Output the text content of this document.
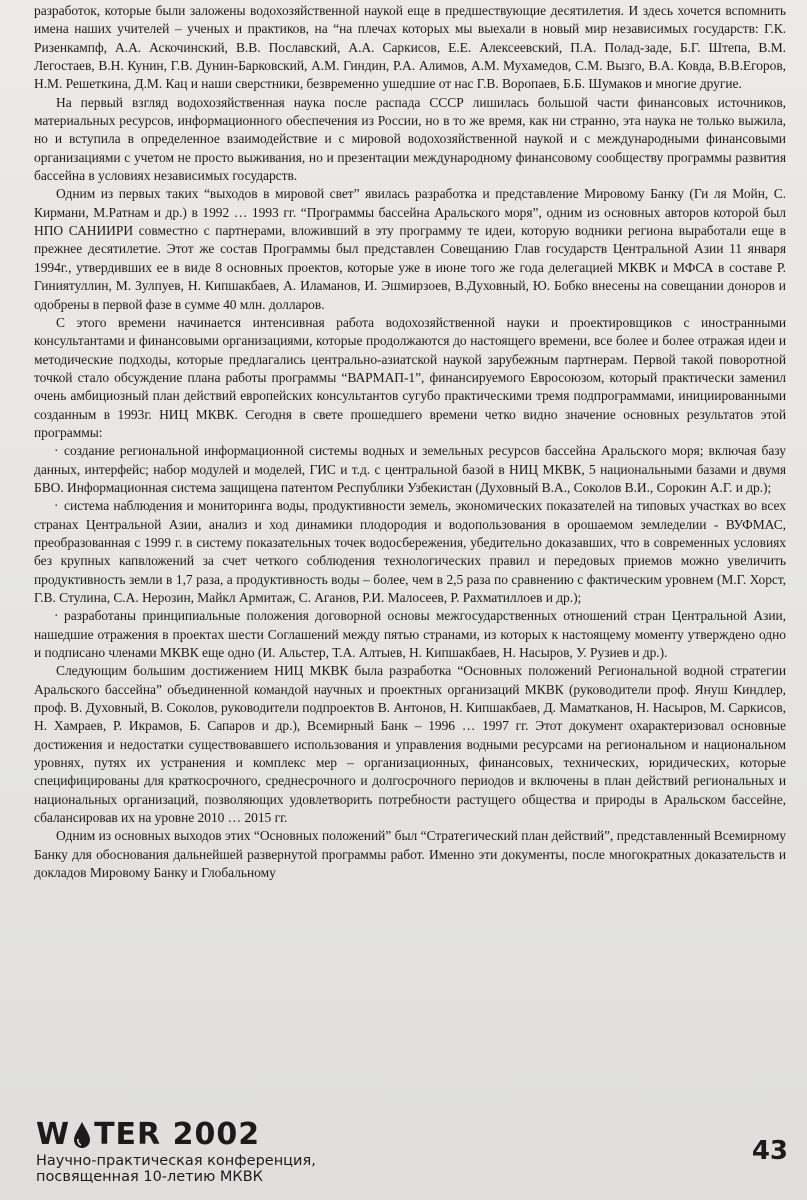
разработок, которые были заложены водохозяйственной наукой еще в предшествующие десятилетия. И здесь хочется вспомнить имена наших учителей – ученых и практиков, на “на плечах которых мы выехали в новый мир независимых государств: Г.К. Ризенкампф, А.А. Аскочинский, В.В. Пославский, А.А. Саркисов, Е.Е. Алексеевский, П.А. Полад-заде, Б.Г. Штепа, В.М. Легостаев, В.Н. Кунин, Г.В. Дунин-Барковский, А.М. Гиндин, Р.А. Алимов, А.М. Мухамедов, С.М. Вызго, В.А. Ковда, В.В.Егоров, Н.М. Решеткина, Д.М. Кац и наши сверстники, безвременно ушедшие от нас Г.В. Воропаев, Б.Б. Шумаков и многие другие.

На первый взгляд водохозяйственная наука после распада СССР лишилась большой части финансовых источников, материальных ресурсов, информационного обеспечения из России, но в то же время, как ни странно, эта наука не только выжила, но и вступила в определенное взаимодействие и с мировой водохозяйственной наукой и с международными финансовыми организациями с учетом не просто выживания, но и презентации международному финансовому сообществу программы развития бассейна в условиях независимых государств.

Одним из первых таких “выходов в мировой свет” явилась разработка и представление Мировому Банку (Ги ля Мойн, С. Кирмани, М.Ратнам и др.) в 1992 … 1993 гг. “Программы бассейна Аральского моря”, одним из основных авторов которой был НПО САНИИРИ совместно с партнерами, вложивший в эту программу те идеи, которую водники региона выработали еще в прежнее десятилетие. Этот же состав Программы был представлен Совещанию Глав государств Центральной Азии 11 января 1994г., утвердивших ее в виде 8 основных проектов, которые уже в июне того же года делегацией МКВК и МФСА в составе Р. Гиниятуллин, М. Зулпуев, Н. Кипшакбаев, А. Иламанов, И. Эшмирзоев, В.Духовный, Ю. Бобко внесены на совещании доноров и одобрены в первой фазе в сумме 40 млн. долларов.

С этого времени начинается интенсивная работа водохозяйственной науки и проектировщиков с иностранными консультантами и финансовыми организациями, которые продолжаются до настоящего времени, все более и более отражая идеи и методические подходы, которые предлагались центрально-азиатской наукой зарубежным партнерам. Первой такой поворотной точкой стало обсуждение плана работы программы “ВАРМАП-1”, финансируемого Евросоюзом, который практически заменил очень амбициозный план действий европейских консультантов сугубо практическими тремя подпрограммами, инициированными созданным в 1993г. НИЦ МКВК. Сегодня в свете прошедшего времени четко видно значение основных результатов этой программы:

· создание региональной информационной системы водных и земельных ресурсов бассейна Аральского моря; включая базу данных, интерфейс; набор модулей и моделей, ГИС и т.д. с центральной базой в НИЦ МКВК, 5 национальными базами и двумя БВО. Информационная система защищена патентом Республики Узбекистан (Духовный В.А., Соколов В.И., Сорокин А.Г. и др.);

· система наблюдения и мониторинга воды, продуктивности земель, экономических показателей на типовых участках во всех странах Центральной Азии, анализ и ход динамики плодородия и водопользования в орошаемом земледелии - ВУФМАС, преобразованная с 1999 г. в систему показательных точек водосбережения, убедительно доказавших, что в современных условиях без крупных капвложений за счет четкого соблюдения технологических правил и передовых приемов можно увеличить продуктивность земли в 1,7 раза, а продуктивность воды – более, чем в 2,5 раза по сравнению с фактическим уровнем (М.Г. Хорст, Г.В. Стулина, С.А. Нерозин, Майкл Армитаж, С. Аганов, Р.И. Малосеев, Р. Рахматиллоев и др.);

· разработаны принципиальные положения договорной основы межгосударственных отношений стран Центральной Азии, нашедшие отражения в проектах шести Соглашений между пятью странами, из которых к настоящему моменту утверждено одно и подписано членами МКВК еще одно (И. Альстер, Т.А. Алтыев, Н. Кипшакбаев, Н. Насыров, У. Рузиев и др.).

Следующим большим достижением НИЦ МКВК была разработка “Основных положений Региональной водной стратегии Аральского бассейна” объединенной командой научных и проектных организаций МКВК (руководители проф. Януш Киндлер, проф. В. Духовный, В. Соколов, руководители подпроектов В. Антонов, Н. Кипшакбаев, Д. Маматканов, Н. Насыров, М. Саркисов, Н. Хамраев, Р. Икрамов, Б. Сапаров и др.), Всемирный Банк – 1996 … 1997 гг. Этот документ охарактеризовал основные достижения и недостатки существовавшего использования и управления водными ресурсами на региональном и национальном уровнях, путях их устранения и комплекс мер – организационных, финансовых, технических, юридических, которые специфицированы для краткосрочного, среднесрочного и долгосрочного периодов и включены в план действий региональных и национальных организаций, позволяющих удовлетворить потребности растущего общества и природы в Аральском бассейне, сбалансировав их на уровне 2010 … 2015 гг.

Одним из основных выходов этих “Основных положений” был “Стратегический план действий”, представленный Всемирному Банку для обоснования дальнейшей развернутой программы работ. Именно эти документы, после многократных доказательств и докладов Мировому Банку и Глобальному

W TER 2002
Научно-практическая конференция,
посвященная 10-летию МКВК
43
